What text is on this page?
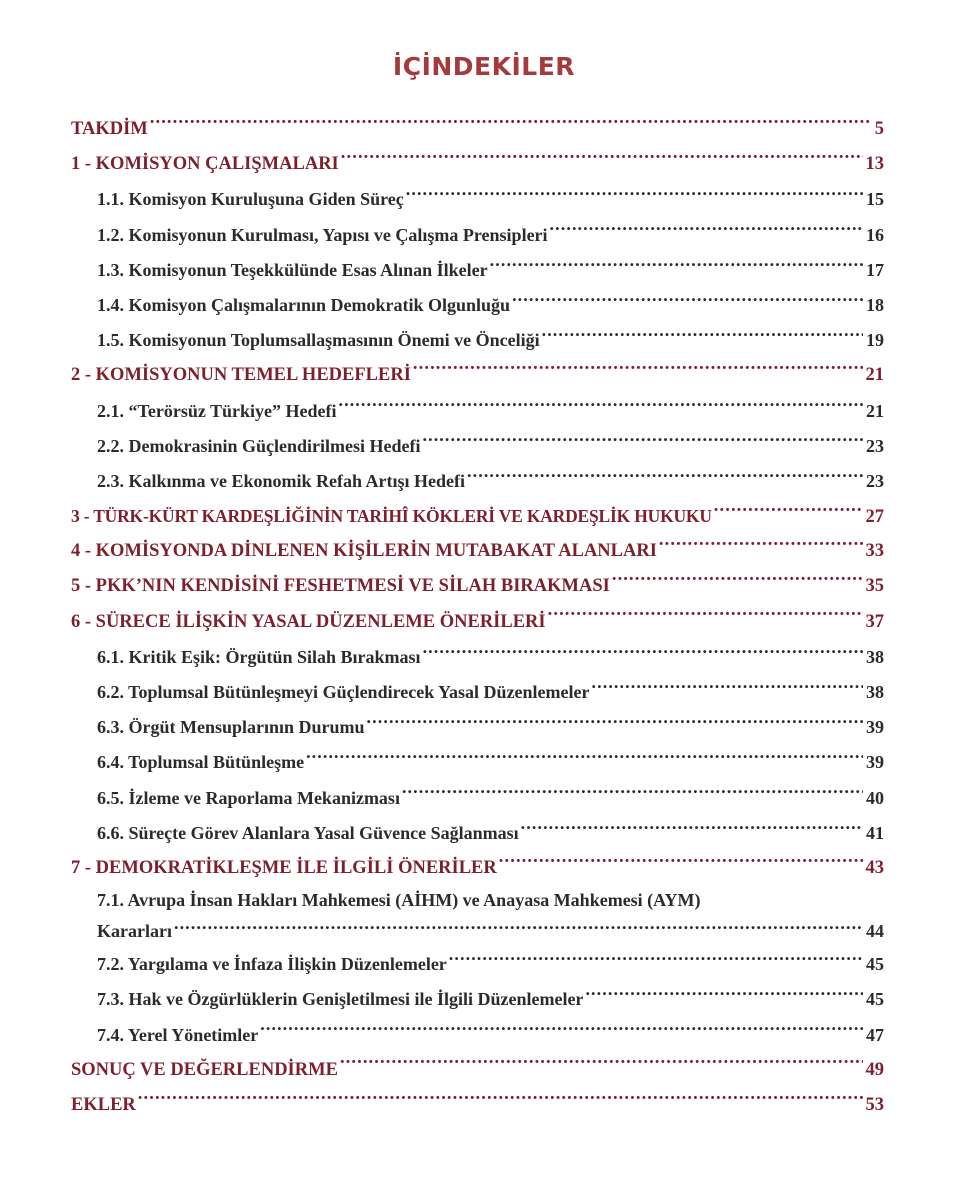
İÇİNDEKİLER
TAKDİM .....	5
1 - KOMİSYON ÇALIŞMALARI .....	13
1.1. Komisyon Kuruluşuna Giden Süreç .....	15
1.2. Komisyonun Kurulması, Yapısı ve Çalışma Prensipleri .....	16
1.3. Komisyonun Teşekkülünde Esas Alınan İlkeler .....	17
1.4. Komisyon Çalışmalarının Demokratik Olgunluğu .....	18
1.5. Komisyonun Toplumsallaşmasının Önemi ve Önceliği .....	19
2 - KOMİSYONUN TEMEL HEDEFLERİ .....	21
2.1. “Terörsüz Türkiye” Hedefi .....	21
2.2. Demokrasinin Güçlendirilmesi Hedefi .....	23
2.3. Kalkınma ve Ekonomik Refah Artışı Hedefi .....	23
3 - TÜRK-KÜRT KARDEŞLİĞİNİN TARİHÎ KÖKLERİ VE KARDEŞLİK HUKUKU .....	27
4 - KOMİSYONDA DİNLENEN KİŞİLERİN MUTABAKAT ALANLARI .....	33
5 - PKK’NIN KENDİSİNİ FESHETMESİ VE SİLAH BIRAKMASI .....	35
6 - SÜRECE İLİŞKİN YASAL DÜZENLEME ÖNERİLERİ .....	37
6.1. Kritik Eşik: Örgütün Silah Bırakması .....	38
6.2. Toplumsal Bütünleşmeyi Güçlendirecek Yasal Düzenlemeler .....	38
6.3. Örgüt Mensuplarının Durumu .....	39
6.4. Toplumsal Bütünleşme .....	39
6.5. İzleme ve Raporlama Mekanizması .....	40
6.6. Süreçte Görev Alanlara Yasal Güvence Sağlanması .....	41
7 - DEMOKRATİKLEŞME İLE İLGİLİ ÖNERİLER .....	43
7.1. Avrupa İnsan Hakları Mahkemesi (AİHM) ve Anayasa Mahkemesi (AYM)
Kararları .....	44
7.2. Yargılama ve İnfaza İlişkin Düzenlemeler .....	45
7.3. Hak ve Özgürlüklerin Genişletilmesi ile İlgili Düzenlemeler .....	45
7.4. Yerel Yönetimler .....	47
SONUÇ VE DEĞERLENDİRME .....	49
EKLER .....	53
